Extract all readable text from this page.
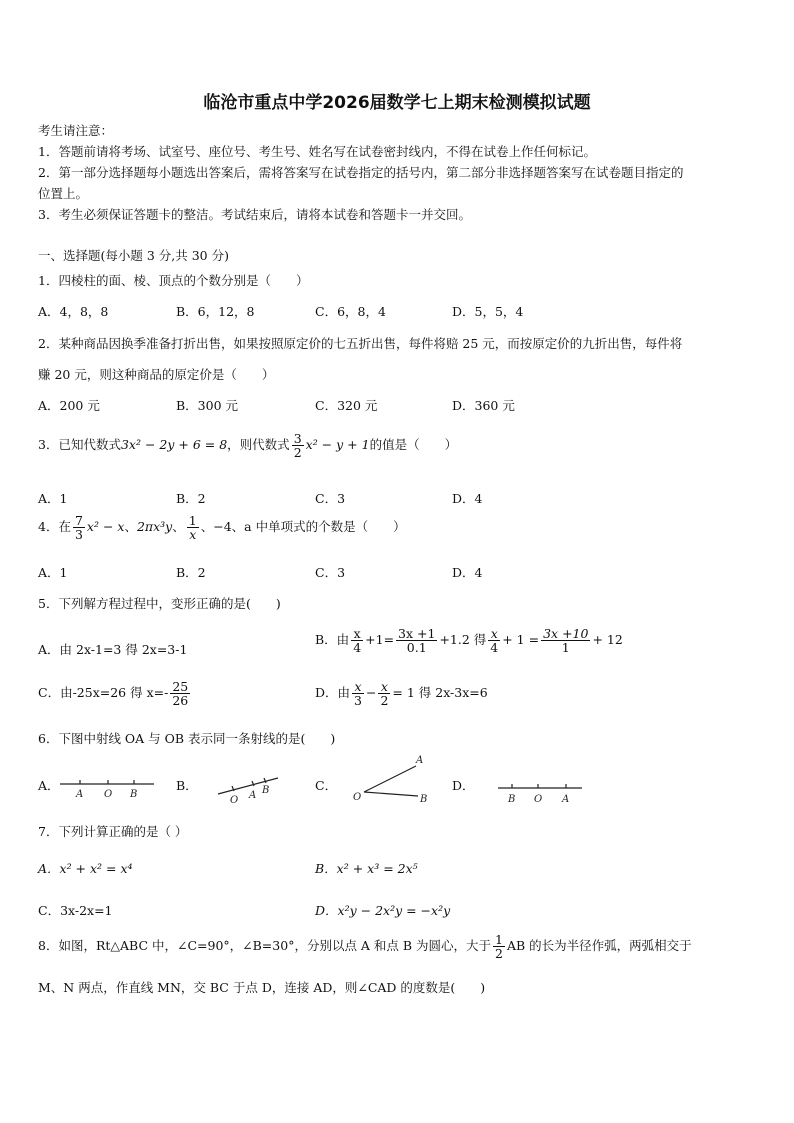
临沧市重点中学2026届数学七上期末检测模拟试题
考生请注意：
1．答题前请将考场、试室号、座位号、考生号、姓名写在试卷密封线内，不得在试卷上作任何标记。
2．第一部分选择题每小题选出答案后，需将答案写在试卷指定的括号内，第二部分非选择题答案写在试卷题目指定的
位置上。
3．考生必须保证答题卡的整洁。考试结束后，请将本试卷和答题卡一并交回。
一、选择题(每小题 3 分,共 30 分)
1．四棱柱的面、棱、顶点的个数分别是（　　）
A．4，8，8	B．6，12，8	C．6，8，4	D．5，5，4
2．某种商品因换季准备打折出售，如果按照原定价的七五折出售，每件将赔 25 元，而按原定价的九折出售，每件将
赚 20 元，则这种商品的原定价是（　　）
A．200 元	B．300 元	C．320 元	D．360 元
3．已知代数式3x² − 2y + 6 = 8，则代数式 $\frac{3}{2} x^2 - y + 1$的值是（　　）
A．1	B．2	C．3	D．4
4．在 $\frac{7}{3} x^2 - x$、2πx³y、 $\frac{1}{x}$ 、−4、a 中单项式的个数是（　　）
A．1	B．2	C．3	D．4
5．下列解方程过程中，变形正确的是(　　)
A．由 2x-1=3 得 2x=3-1
B．由 $\frac{x}{4} +1= \frac{3x +1}{0.1} +1.2$ 得 $\frac{x}{4} + 1 = \frac{3x +10}{1} + 12$
C．由-25x=26 得 $x=- \frac{25}{26}$	D．由 $\frac{x}{3} - \frac{x}{2} = 1$ 得 2x-3x=6
6．下图中射线 OA 与 OB 表示同一条射线的是(　　)
A．	B．	C．	D．
A O B
O A B
A
O	B	B O A
7．下列计算正确的是（ ）
A．x² + x² = x⁴	B．x² + x³ = 2x⁵
C．3x-2x=1	D．x²y − 2x²y = −x²y
8．如图，Rt△ABC 中，∠C=90°，∠B=30°，分别以点 A 和点 B 为圆心，大于 $\frac{1}{2}$ AB 的长为半径作弧，两弧相交于
M、N 两点，作直线 MN，交 BC 于点 D，连接 AD，则∠CAD 的度数是(　　)
